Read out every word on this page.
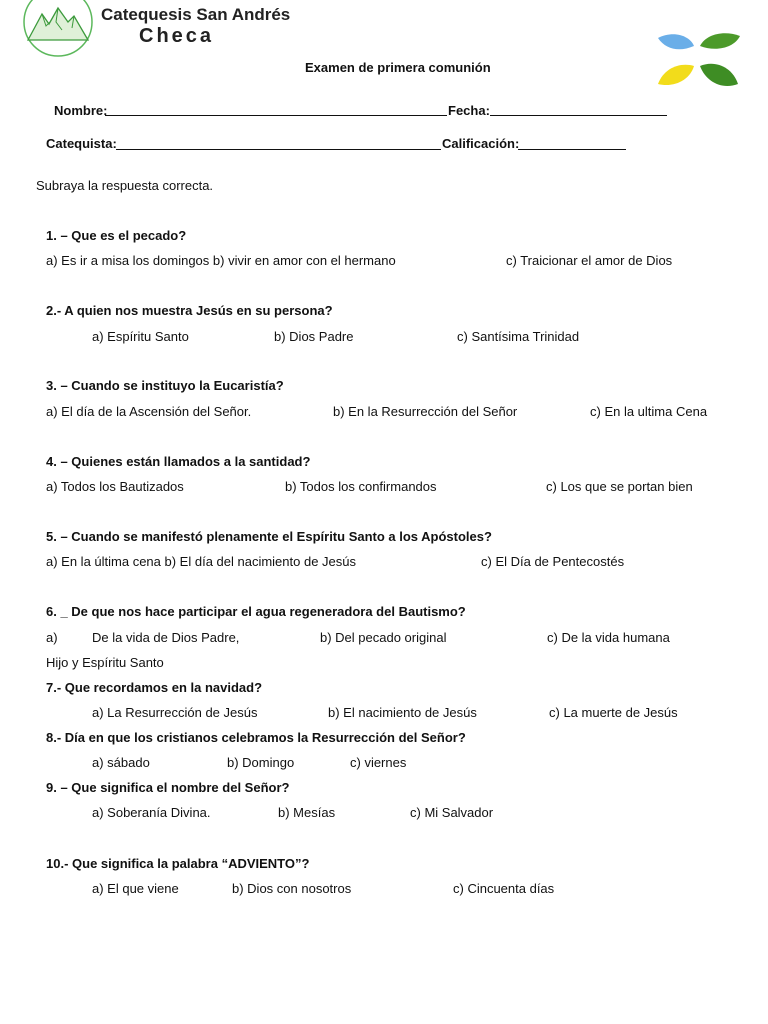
Catequesis San Andrés
Checa
Examen de primera comunión
Nombre:	Fecha:
Catequista:	Calificación:
Subraya la respuesta correcta.
1. – Que es el pecado?
a) Es ir a misa los domingos b) vivir en amor con el hermano	c) Traicionar el amor de Dios
2.- A quien nos muestra Jesús en su persona?
a) Espíritu Santo	b) Dios Padre	c) Santísima Trinidad
3. – Cuando se instituyo la Eucaristía?
a) El día de la Ascensión del Señor.	b) En la Resurrección del Señor	c) En la ultima Cena
4. – Quienes están llamados a la santidad?
a) Todos los Bautizados	b) Todos los confirmandos	c) Los que se portan bien
5. – Cuando se manifestó plenamente el Espíritu Santo a los Apóstoles?
a) En la última cena b) El día del nacimiento de Jesús	c) El Día de Pentecostés
6. _ De que nos hace participar el agua regeneradora del Bautismo?
a)	De la vida de Dios Padre,	b) Del pecado original	c) De la vida humana
Hijo y Espíritu Santo
7.- Que recordamos en la navidad?
a) La Resurrección de Jesús	b) El nacimiento de Jesús	c) La muerte de Jesús
8.- Día en que los cristianos celebramos la Resurrección del Señor?
a) sábado	b) Domingo	c) viernes
9. – Que significa el nombre del Señor?
a) Soberanía Divina.	b) Mesías	c) Mi Salvador
10.- Que significa la palabra “ADVIENTO”?
a) El que viene	b) Dios con nosotros	c) Cincuenta días
